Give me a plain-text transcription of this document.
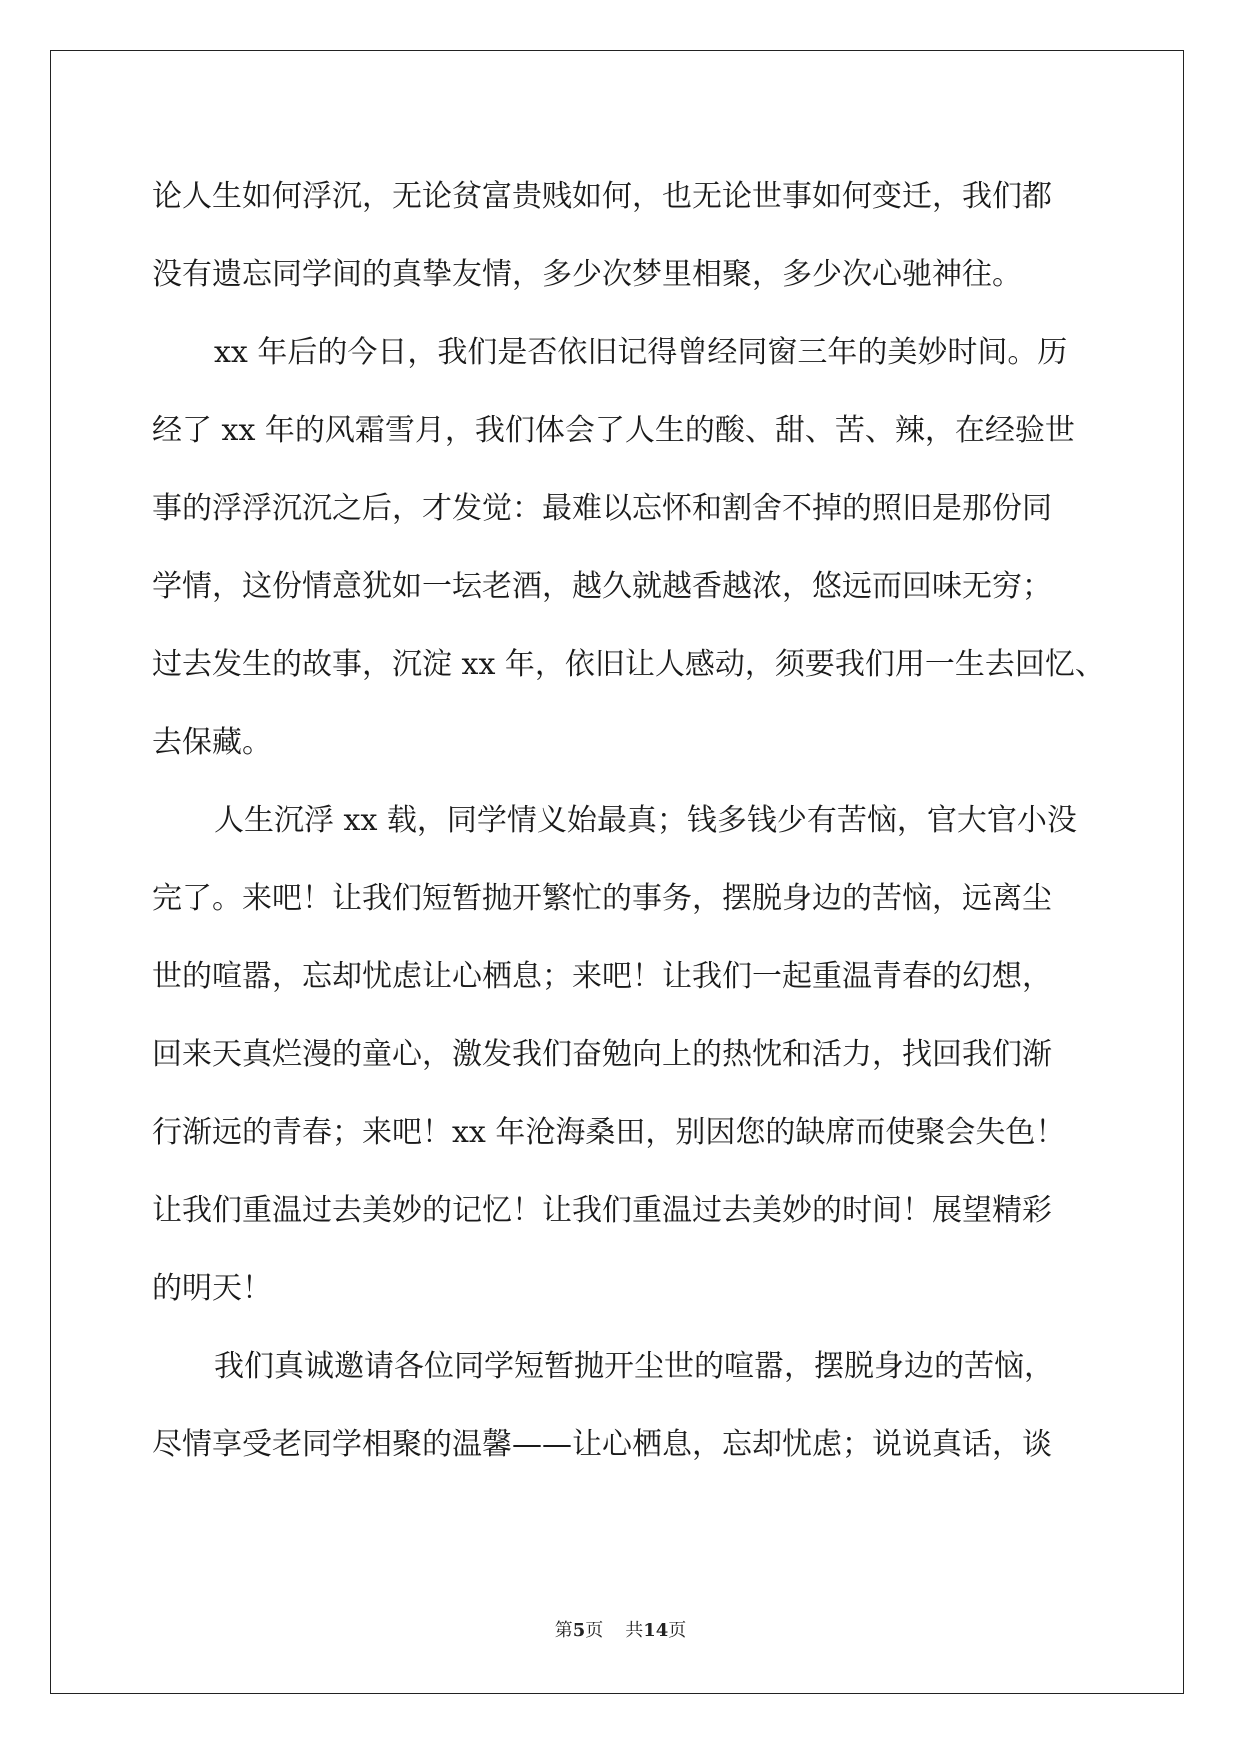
论人生如何浮沉，无论贫富贵贱如何，也无论世事如何变迁，我们都
没有遗忘同学间的真挚友情，多少次梦里相聚，多少次心驰神往。
xx 年后的今日，我们是否依旧记得曾经同窗三年的美妙时间。历
经了 xx 年的风霜雪月，我们体会了人生的酸、甜、苦、辣，在经验世
事的浮浮沉沉之后，才发觉：最难以忘怀和割舍不掉的照旧是那份同
学情，这份情意犹如一坛老酒，越久就越香越浓，悠远而回味无穷；
过去发生的故事，沉淀 xx 年，依旧让人感动，须要我们用一生去回忆、
去保藏。
人生沉浮 xx 载，同学情义始最真；钱多钱少有苦恼，官大官小没
完了。来吧！让我们短暂抛开繁忙的事务，摆脱身边的苦恼，远离尘
世的喧嚣，忘却忧虑让心栖息；来吧！让我们一起重温青春的幻想，
回来天真烂漫的童心，激发我们奋勉向上的热忱和活力，找回我们渐
行渐远的青春；来吧！xx 年沧海桑田，别因您的缺席而使聚会失色！
让我们重温过去美妙的记忆！让我们重温过去美妙的时间！展望精彩
的明天！
我们真诚邀请各位同学短暂抛开尘世的喧嚣，摆脱身边的苦恼，
尽情享受老同学相聚的温馨——让心栖息，忘却忧虑；说说真话，谈
第5页 共14页
